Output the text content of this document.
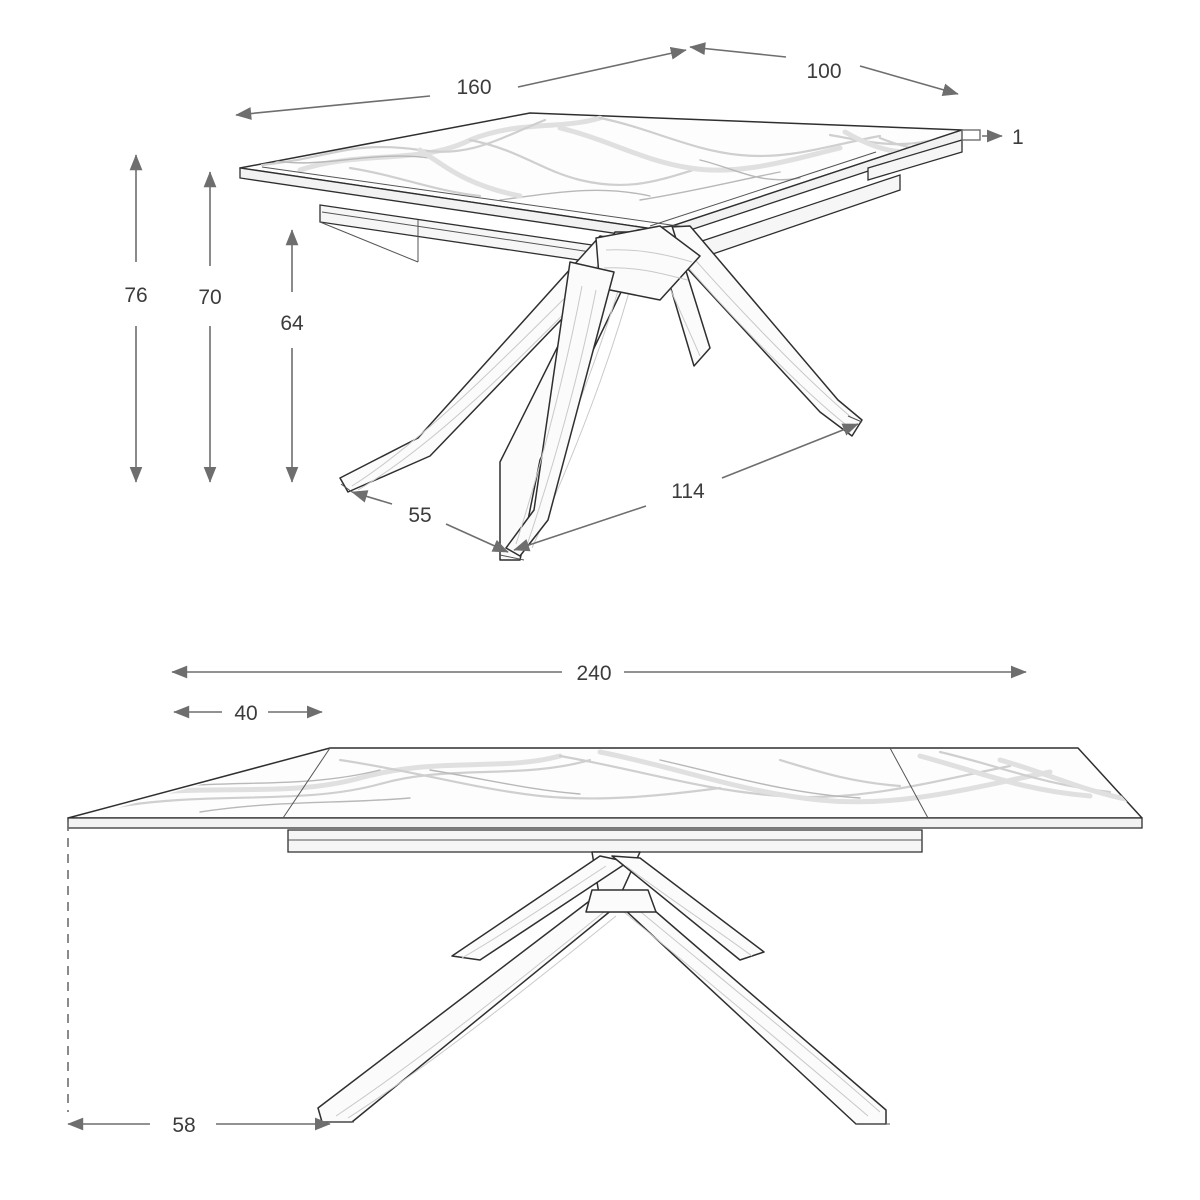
160
100
1
76 70
64
55
114
240
40
58
